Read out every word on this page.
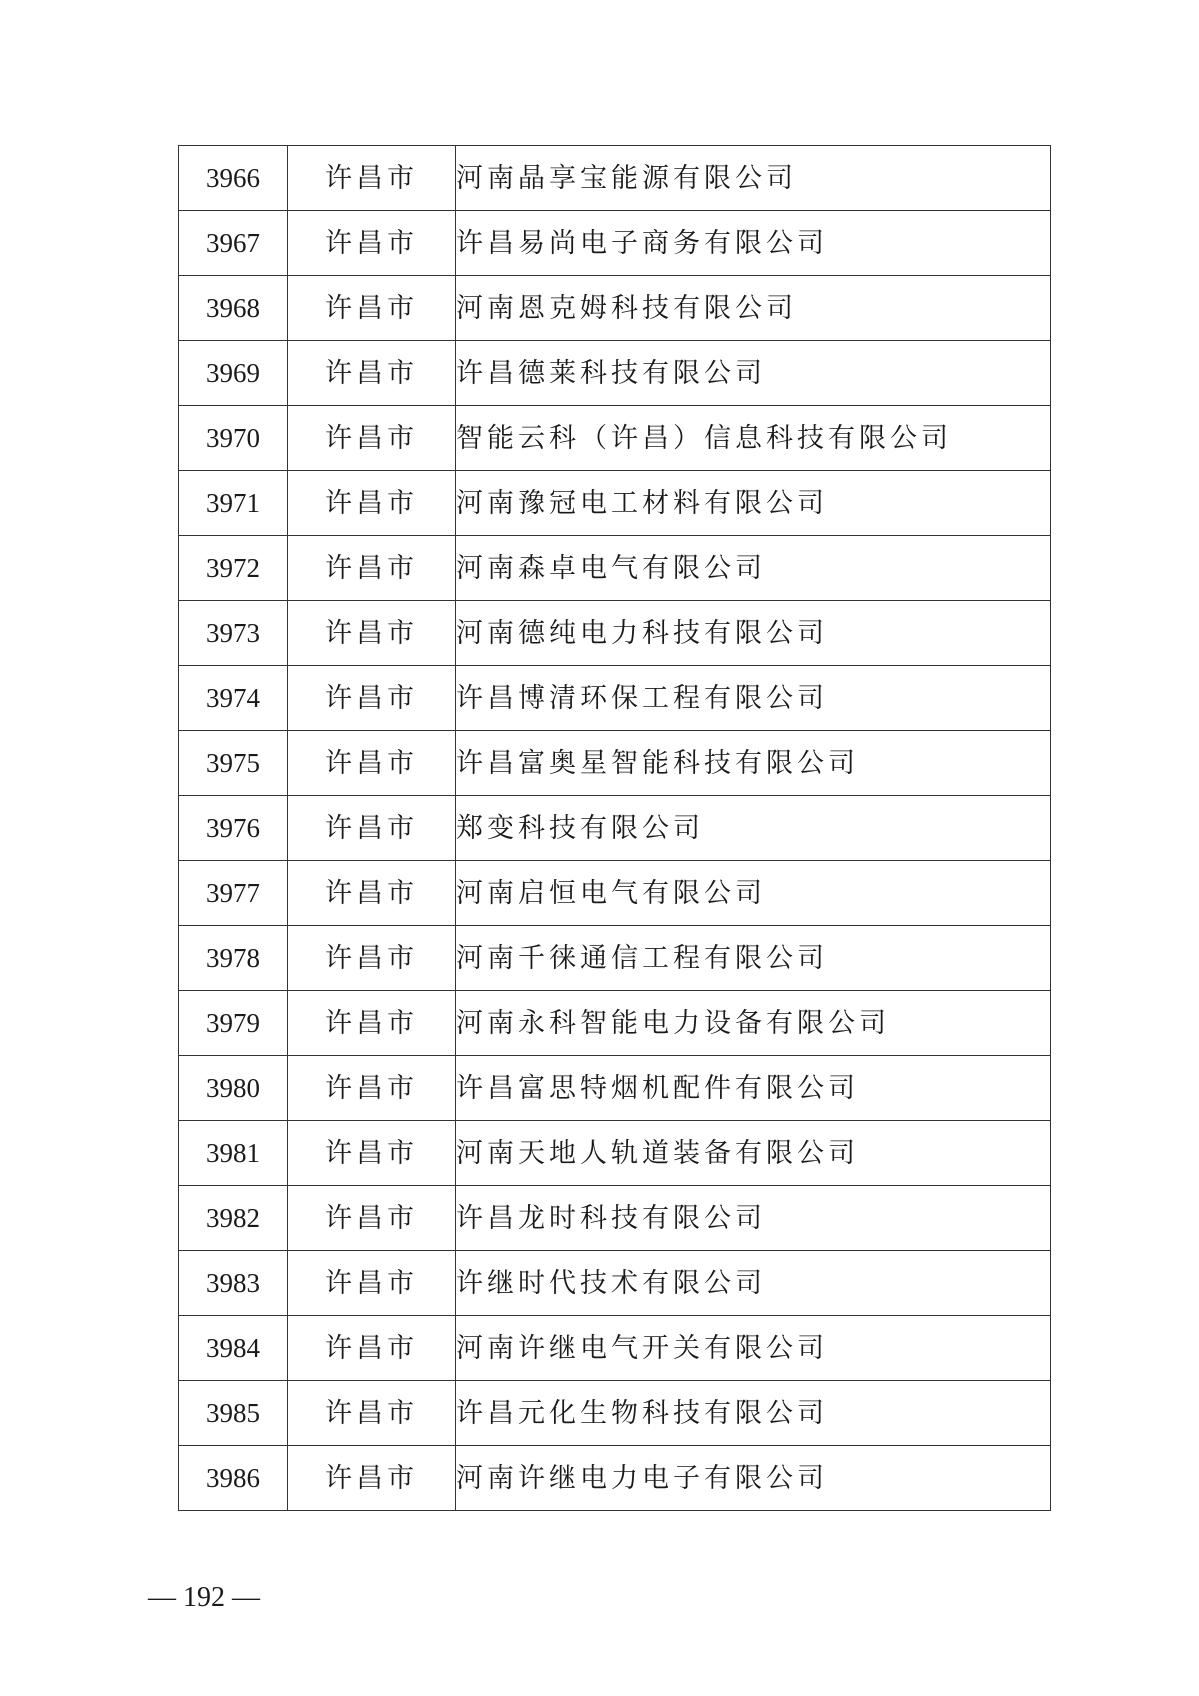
3966	许昌市	河南晶享宝能源有限公司
3967	许昌市	许昌易尚电子商务有限公司
3968	许昌市	河南恩克姆科技有限公司
3969	许昌市	许昌德莱科技有限公司
3970	许昌市	智能云科（许昌）信息科技有限公司
3971	许昌市	河南豫冠电工材料有限公司
3972	许昌市	河南森卓电气有限公司
3973	许昌市	河南德纯电力科技有限公司
3974	许昌市	许昌博清环保工程有限公司
3975	许昌市	许昌富奥星智能科技有限公司
3976	许昌市	郑变科技有限公司
3977	许昌市	河南启恒电气有限公司
3978	许昌市	河南千徕通信工程有限公司
3979	许昌市	河南永科智能电力设备有限公司
3980	许昌市	许昌富思特烟机配件有限公司
3981	许昌市	河南天地人轨道装备有限公司
3982	许昌市	许昌龙时科技有限公司
3983	许昌市	许继时代技术有限公司
3984	许昌市	河南许继电气开关有限公司
3985	许昌市	许昌元化生物科技有限公司
3986	许昌市	河南许继电力电子有限公司
— 192 —
